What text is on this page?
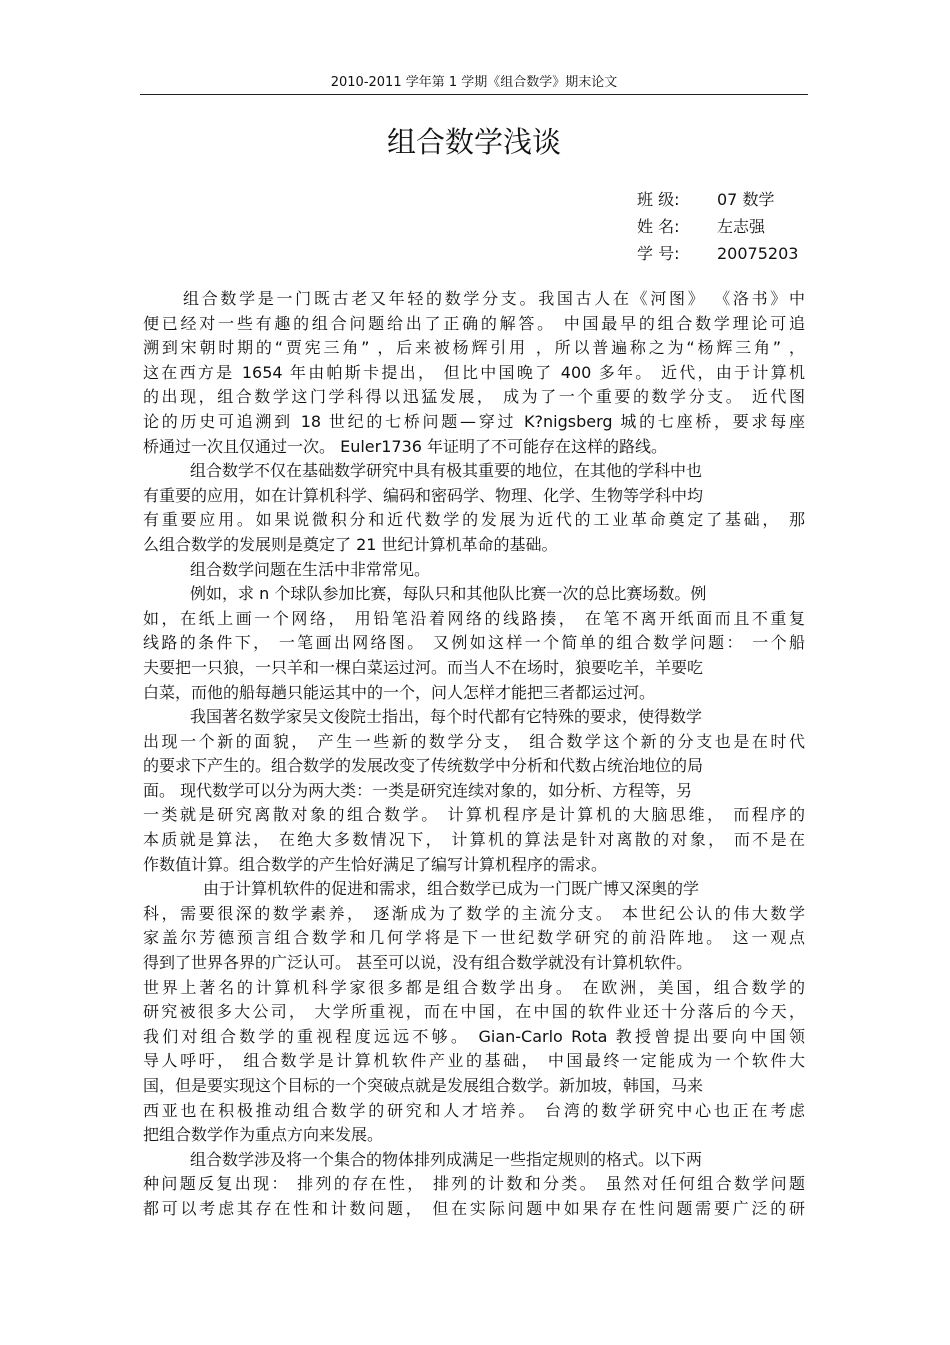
2010-2011 学年第 1 学期《组合数学》期末论文
组合数学浅谈
班 级:	07 数学
姓 名:	左志强
学 号:	20075203
组合数学是一门既古老又年轻的数学分支。我国古人在《河图》 《洛书》中
便已经对一些有趣的组合问题给出了正确的解答。 中国最早的组合数学理论可追
溯到宋朝时期的“贾宪三角” ，后来被杨辉引用 ，所以普遍称之为“杨辉三角” ，
这在西方是 1654 年由帕斯卡提出， 但比中国晚了 400 多年。 近代，由于计算机
的出现，组合数学这门学科得以迅猛发展， 成为了一个重要的数学分支。 近代图
论的历史可追溯到 18 世纪的七桥问题—穿过 K?nigsberg 城的七座桥，要求每座
桥通过一次且仅通过一次。 Euler1736 年证明了不可能存在这样的路线。
组合数学不仅在基础数学研究中具有极其重要的地位，在其他的学科中也
有重要的应用，如在计算机科学、编码和密码学、物理、化学、生物等学科中均
有重要应用。如果说微积分和近代数学的发展为近代的工业革命奠定了基础， 那
么组合数学的发展则是奠定了 21 世纪计算机革命的基础。
组合数学问题在生活中非常常见。
例如，求 n 个球队参加比赛，每队只和其他队比赛一次的总比赛场数。例
如，在纸上画一个网络， 用铅笔沿着网络的线路揍， 在笔不离开纸面而且不重复
线路的条件下， 一笔画出网络图。 又例如这样一个简单的组合数学问题： 一个船
夫要把一只狼，一只羊和一棵白菜运过河。而当人不在场时，狼要吃羊，羊要吃
白菜，而他的船每趟只能运其中的一个，问人怎样才能把三者都运过河。
我国著名数学家吴文俊院士指出，每个时代都有它特殊的要求，使得数学
出现一个新的面貌， 产生一些新的数学分支， 组合数学这个新的分支也是在时代
的要求下产生的。组合数学的发展改变了传统数学中分析和代数占统治地位的局
面。 现代数学可以分为两大类：一类是研究连续对象的，如分析、方程等，另
一类就是研究离散对象的组合数学。 计算机程序是计算机的大脑思维， 而程序的
本质就是算法， 在绝大多数情况下， 计算机的算法是针对离散的对象， 而不是在
作数值计算。组合数学的产生恰好满足了编写计算机程序的需求。
由于计算机软件的促进和需求，组合数学已成为一门既广博又深奥的学
科，需要很深的数学素养， 逐渐成为了数学的主流分支。 本世纪公认的伟大数学
家盖尔芳德预言组合数学和几何学将是下一世纪数学研究的前沿阵地。 这一观点
得到了世界各界的广泛认可。 甚至可以说，没有组合数学就没有计算机软件。
世界上著名的计算机科学家很多都是组合数学出身。 在欧洲，美国，组合数学的
研究被很多大公司， 大学所重视，而在中国，在中国的软件业还十分落后的今天，
我们对组合数学的重视程度远远不够。 Gian-Carlo Rota 教授曾提出要向中国领
导人呼吁， 组合数学是计算机软件产业的基础， 中国最终一定能成为一个软件大
国，但是要实现这个目标的一个突破点就是发展组合数学。新加坡，韩国，马来
西亚也在积极推动组合数学的研究和人才培养。 台湾的数学研究中心也正在考虑
把组合数学作为重点方向来发展。
组合数学涉及将一个集合的物体排列成满足一些指定规则的格式。以下两
种问题反复出现： 排列的存在性， 排列的计数和分类。 虽然对任何组合数学问题
都可以考虑其存在性和计数问题， 但在实际问题中如果存在性问题需要广泛的研
